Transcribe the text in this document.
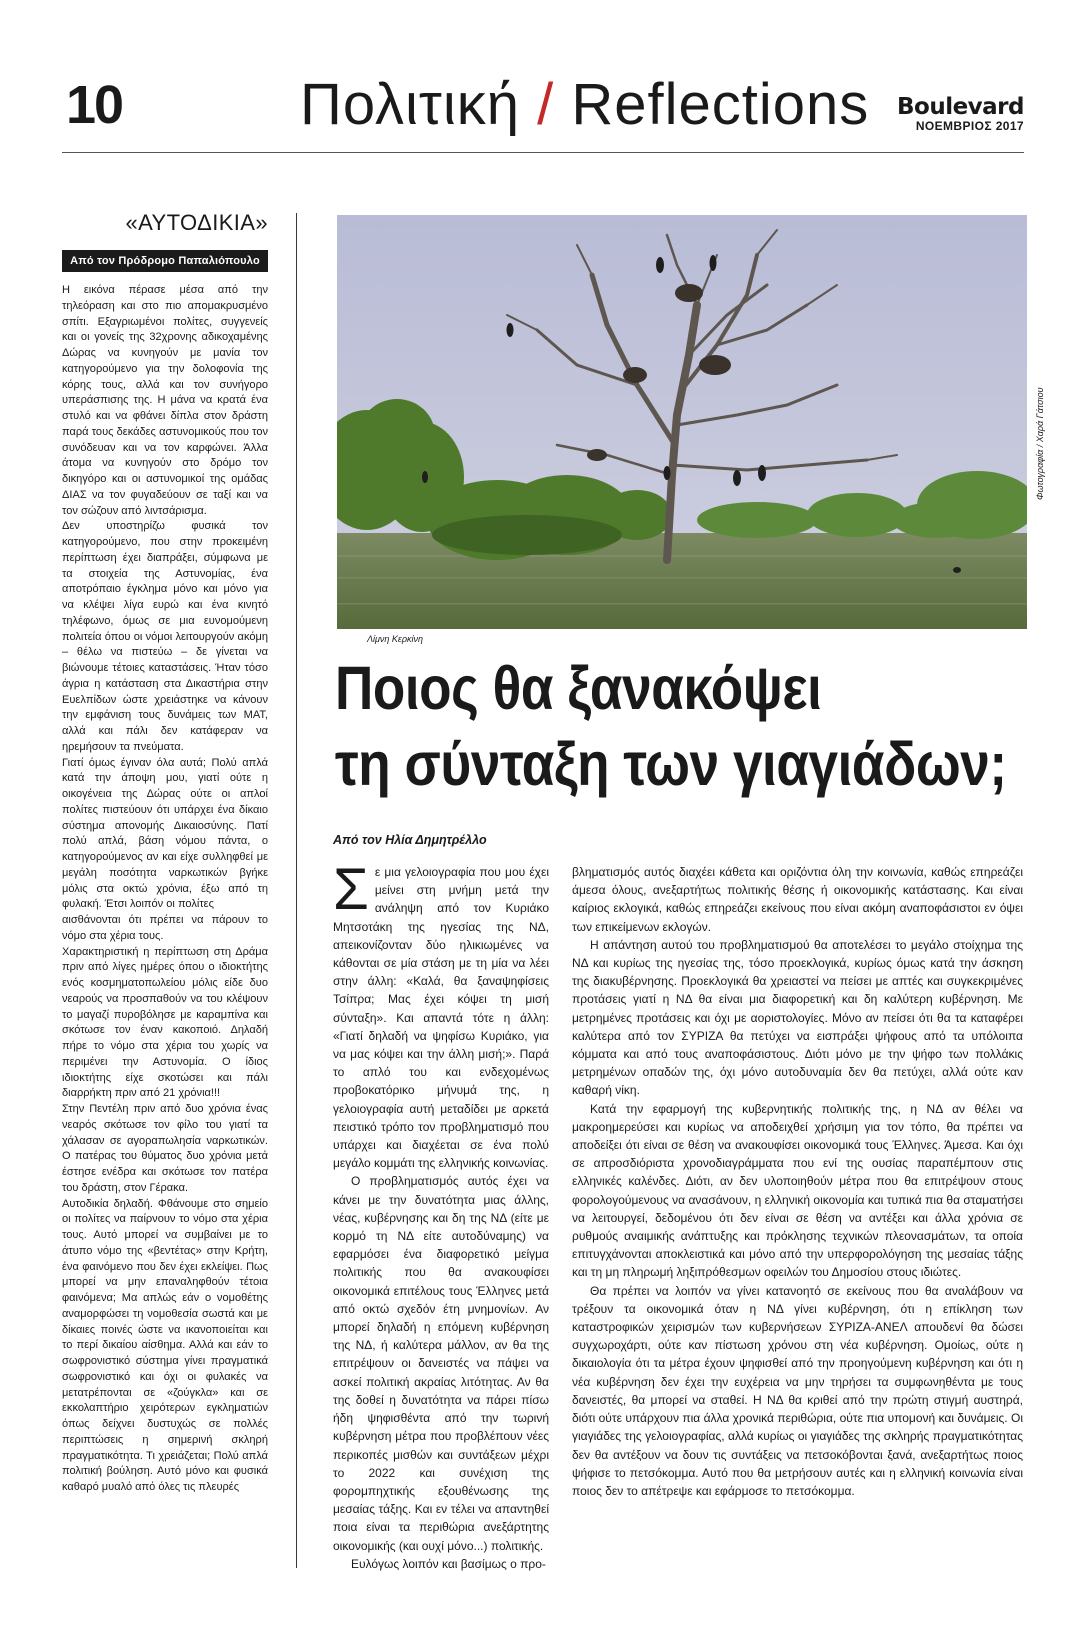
10	Πολιτική / Reflections Boulevard
ΝΟΕΜΒΡΙΟΣ 2017
«ΑΥΤΟΔΙΚΙΑ»
Από τον Πρόδρομο Παπαλιόπουλο

Η εικόνα πέρασε μέσα από την τηλεόραση και στο πιο απομακρυσμένο σπίτι. Εξαγριωμένοι πολίτες, συγγενείς και οι γονείς της 32χρονης αδικοχαμένης Δώρας να κυνηγούν με μανία τον κατηγορούμενο για την δολοφονία της κόρης τους, αλλά και τον συνήγορο υπεράσπισης της. Η μάνα να κρατά ένα στυλό και να φθάνει δίπλα στον δράστη παρά τους δεκάδες αστυνομικούς που τον συνόδευαν και να τον καρφώνει. Άλλα άτομα να κυνηγούν στο δρόμο τον δικηγόρο και οι αστυνομικοί της ομάδας ΔΙΑΣ να τον φυγαδεύουν σε ταξί και να τον σώζουν από λιντσάρισμα.

Δεν υποστηρίζω φυσικά τον κατηγορούμενο, που στην προκειμένη περίπτωση έχει διαπράξει, σύμφωνα με τα στοιχεία της Αστυνομίας, ένα αποτρόπαιο έγκλημα μόνο και μόνο για να κλέψει λίγα ευρώ και ένα κινητό τηλέφωνο, όμως σε μια ευνομούμενη πολιτεία όπου οι νόμοι λειτουργούν ακόμη – θέλω να πιστεύω – δε γίνεται να βιώνουμε τέτοιες καταστάσεις. Ήταν τόσο άγρια η κατάσταση στα Δικαστήρια στην Ευελπίδων ώστε χρειάστηκε να κάνουν την εμφάνιση τους δυνάμεις των ΜΑΤ, αλλά και πάλι δεν κατάφεραν να ηρεμήσουν τα πνεύματα.

Γιατί όμως έγιναν όλα αυτά; Πολύ απλά κατά την άποψη μου, γιατί ούτε η οικογένεια της Δώρας ούτε οι απλοί πολίτες πιστεύουν ότι υπάρχει ένα δίκαιο σύστημα απονομής Δικαιοσύνης. Πατί πολύ απλά, βάση νόμου πάντα, ο κατηγορούμενος αν και είχε συλληφθεί με μεγάλη ποσότητα ναρκωτικών βγήκε μόλις στα οκτώ χρόνια, έξω από τη φυλακή. Έτσι λοιπόν οι πολίτες

αισθάνονται ότι πρέπει να πάρουν το νόμο στα χέρια τους.

Χαρακτηριστική η περίπτωση στη Δράμα πριν από λίγες ημέρες όπου ο ιδιοκτήτης ενός κοσμηματοπωλείου μόλις είδε δυο νεαρούς να προσπαθούν να του κλέψουν το μαγαζί πυροβόλησε με καραμπίνα και σκότωσε τον έναν κακοποιό. Δηλαδή πήρε το νόμο στα χέρια του χωρίς να περιμένει την Αστυνομία. Ο ίδιος ιδιοκτήτης είχε σκοτώσει και πάλι διαρρήκτη πριν από 21 χρόνια!!!

Στην Πεντέλη πριν από δυο χρόνια ένας νεαρός σκότωσε τον φίλο του γιατί τα χάλασαν σε αγοραπωλησία ναρκωτικών. Ο πατέρας του θύματος δυο χρόνια μετά έστησε ενέδρα και σκότωσε τον πατέρα του δράστη, στον Γέρακα.

Αυτοδικία δηλαδή. Φθάνουμε στο σημείο οι πολίτες να παίρνουν το νόμο στα χέρια τους. Αυτό μπορεί να συμβαίνει με το άτυπο νόμο της «βεντέτας» στην Κρήτη, ένα φαινόμενο που δεν έχει εκλείψει. Πως μπορεί να μην επαναληφθούν τέτοια φαινόμενα; Μα απλώς εάν ο νομοθέτης αναμορφώσει τη νομοθεσία σωστά και με δίκαιες ποινές ώστε να ικανοποιείται και το περί δικαίου αίσθημα. Αλλά και εάν το σωφρονιστικό σύστημα γίνει πραγματικά σωφρονιστικό και όχι οι φυλακές να μετατρέπονται σε «ζούγκλα» και σε εκκολαπτήριο χειρότερων εγκληματιών όπως δείχνει δυστυχώς σε πολλές περιπτώσεις η σημερινή σκληρή πραγματικότητα. Τι χρειάζεται; Πολύ απλά πολιτική βούληση. Αυτό μόνο και φυσικά καθαρό μυαλό από όλες τις πλευρές

Λίμνη Κερκίνη
Φωτογραφία / Χαρά Γάτσιου
Ποιος θα ξανακόψει
τη σύνταξη των γιαγιάδων;
Από τον Ηλία Δημητρέλλο

Σε μια γελοιογραφία που μου έχει μείνει στη μνήμη μετά την ανάληψη από τον Κυριάκο Μητσοτάκη της ηγεσίας της ΝΔ, απεικονίζονταν δύο ηλικιωμένες να κάθονται σε μία στάση με τη μία να λέει στην άλλη: «Καλά, θα ξαναψηφίσεις Τσίπρα; Μας έχει κόψει τη μισή σύνταξη». Και απαντά τότε η άλλη: «Γιατί δηλαδή να ψηφίσω Κυριάκο, για να μας κόψει και την άλλη μισή;». Παρά το απλό του και ενδεχομένως προβοκατόρικο μήνυμά της, η γελοιογραφία αυτή μεταδίδει με αρκετά πειστικό τρόπο τον προβληματισμό που υπάρχει και διαχέεται σε ένα πολύ μεγάλο κομμάτι της ελληνικής κοινωνίας.

Ο προβληματισμός αυτός έχει να κάνει με την δυνατότητα μιας άλλης, νέας, κυβέρνησης και δη της ΝΔ (είτε με κορμό τη ΝΔ είτε αυτοδύναμης) να εφαρμόσει ένα διαφορετικό μείγμα πολιτικής που θα ανακουφίσει οικονομικά επιτέλους τους Έλληνες μετά από οκτώ σχεδόν έτη μνημονίων. Αν μπορεί δηλαδή η επόμενη κυβέρνηση της ΝΔ, ή καλύτερα μάλλον, αν θα της επιτρέψουν οι δανειστές να πάψει να ασκεί πολιτική ακραίας λιτότητας. Αν θα της δοθεί η δυνατότητα να πάρει πίσω ήδη ψηφισθέντα από την τωρινή κυβέρνηση μέτρα που προβλέπουν νέες περικοπές μισθών και συντάξεων μέχρι το 2022 και συνέχιση της φορομπηχτικής εξουθένωσης της μεσαίας τάξης. Και εν τέλει να απαντηθεί ποια είναι τα περιθώρια ανεξάρτητης οικονομικής (και ουχί μόνο...) πολιτικής.

Ευλόγως λοιπόν και βασίμως ο προ-

βληματισμός αυτός διαχέει κάθετα και οριζόντια όλη την κοινωνία, καθώς επηρεάζει άμεσα όλους, ανεξαρτήτως πολιτικής θέσης ή οικονομικής κατάστασης. Και είναι καίριος εκλογικά, καθώς επηρεάζει εκείνους που είναι ακόμη αναποφάσιστοι εν όψει των επικείμενων εκλογών.

Η απάντηση αυτού του προβληματισμού θα αποτελέσει το μεγάλο στοίχημα της ΝΔ και κυρίως της ηγεσίας της, τόσο προεκλογικά, κυρίως όμως κατά την άσκηση της διακυβέρνησης. Προεκλογικά θα χρειαστεί να πείσει με απτές και συγκεκριμένες προτάσεις γιατί η ΝΔ θα είναι μια διαφορετική και δη καλύτερη κυβέρνηση. Με μετρημένες προτάσεις και όχι με αοριστολογίες. Μόνο αν πείσει ότι θα τα καταφέρει καλύτερα από τον ΣΥΡΙΖΑ θα πετύχει να εισπράξει ψήφους από τα υπόλοιπα κόμματα και από τους αναποφάσιστους. Διότι μόνο με την ψήφο των πολλάκις μετρημένων οπαδών της, όχι μόνο αυτοδυναμία δεν θα πετύχει, αλλά ούτε καν καθαρή νίκη.

Κατά την εφαρμογή της κυβερνητικής πολιτικής της, η ΝΔ αν θέλει να μακροημερεύσει και κυρίως να αποδειχθεί χρήσιμη για τον τόπο, θα πρέπει να αποδείξει ότι είναι σε θέση να ανακουφίσει οικονομικά τους Έλληνες. Άμεσα. Και όχι σε απροσδιόριστα χρονοδιαγράμματα που ενί της ουσίας παραπέμπουν στις ελληνικές καλένδες. Διότι, αν δεν υλοποιηθούν μέτρα που θα επιτρέψουν στους φορολογούμενους να ανασάνουν, η ελληνική οικονομία και τυπικά πια θα σταματήσει να λειτουργεί, δεδομένου ότι δεν είναι σε θέση να αντέξει και άλλα χρόνια σε ρυθμούς αναιμικής ανάπτυξης και πρόκλησης τεχνικών πλεονασμάτων, τα οποία επιτυγχάνονται αποκλειστικά και μόνο από την υπερφορολόγηση της μεσαίας τάξης και τη μη πληρωμή ληξιπρόθεσμων οφειλών του Δημοσίου στους ιδιώτες.

Θα πρέπει να λοιπόν να γίνει κατανοητό σε εκείνους που θα αναλάβουν να τρέξουν τα οικονομικά όταν η ΝΔ γίνει κυβέρνηση, ότι η επίκληση των καταστροφικών χειρισμών των κυβερνήσεων ΣΥΡΙΖΑ-ΑΝΕΛ απουδενί θα δώσει συγχωροχάρτι, ούτε καν πίστωση χρόνου στη νέα κυβέρνηση. Ομοίως, ούτε η δικαιολογία ότι τα μέτρα έχουν ψηφισθεί από την προηγούμενη κυβέρνηση και ότι η νέα κυβέρνηση δεν έχει την ευχέρεια να μην τηρήσει τα συμφωνηθέντα με τους δανειστές, θα μπορεί να σταθεί. Η ΝΔ θα κριθεί από την πρώτη στιγμή αυστηρά, διότι ούτε υπάρχουν πια άλλα χρονικά περιθώρια, ούτε πια υπομονή και δυνάμεις. Οι γιαγιάδες της γελοιογραφίας, αλλά κυρίως οι γιαγιάδες της σκληρής πραγματικότητας δεν θα αντέξουν να δουν τις συντάξεις να πετσοκόβονται ξανά, ανεξαρτήτως ποιος ψήφισε το πετσόκομμα. Αυτό που θα μετρήσουν αυτές και η ελληνική κοινωνία είναι ποιος δεν το απέτρεψε και εφάρμοσε το πετσόκομμα.
